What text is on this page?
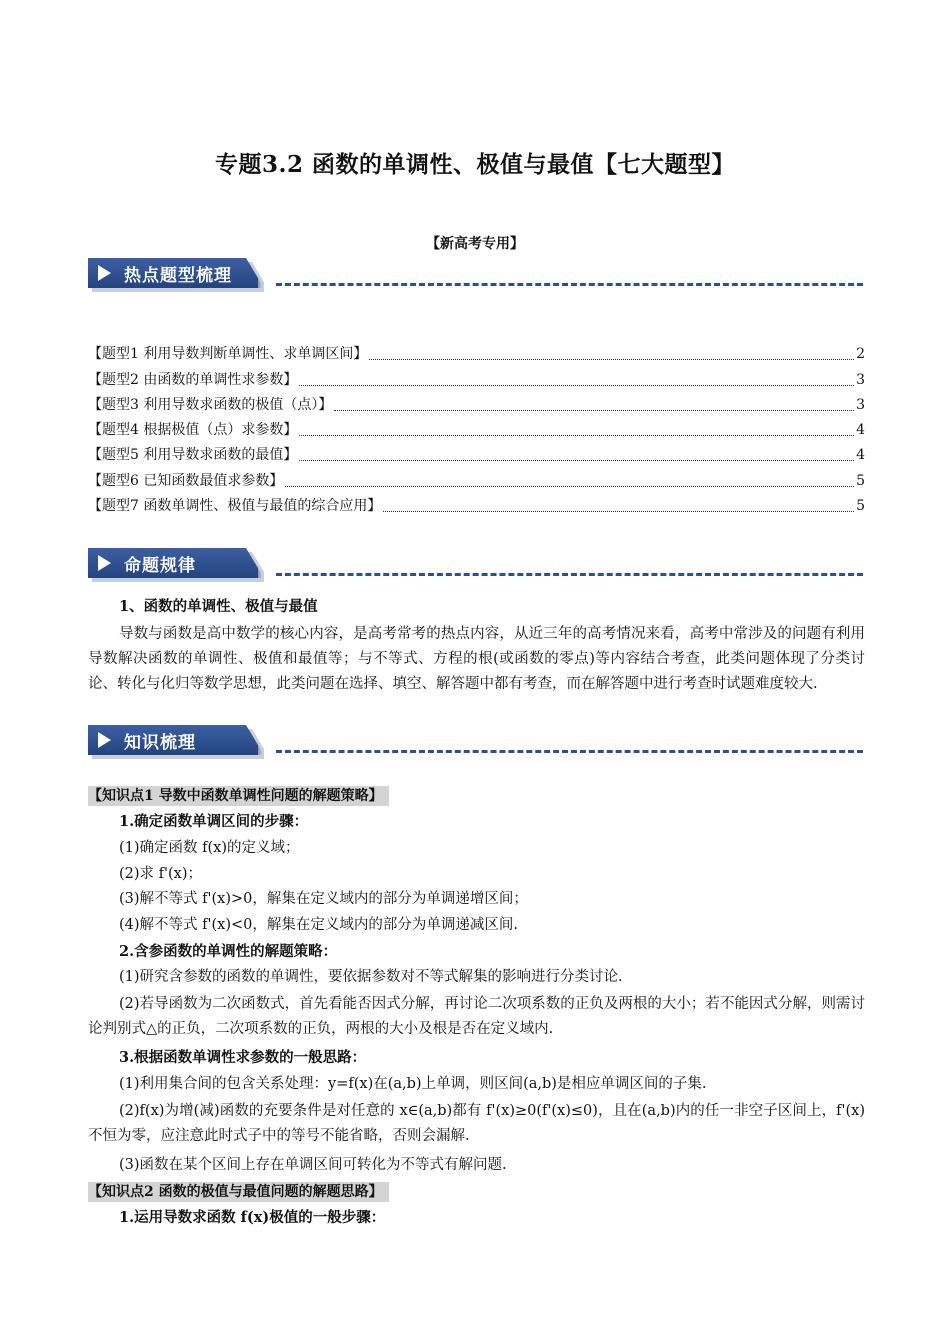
专题3.2 函数的单调性、极值与最值【七大题型】
【新高考专用】
热点题型梳理
【题型1 利用导数判断单调性、求单调区间】	2
【题型2 由函数的单调性求参数】	3
【题型3 利用导数求函数的极值（点）】	3
【题型4 根据极值（点）求参数】	4
【题型5 利用导数求函数的最值】	4
【题型6 已知函数最值求参数】	5
【题型7 函数单调性、极值与最值的综合应用】	5
命题规律
1、函数的单调性、极值与最值
导数与函数是高中数学的核心内容，是高考常考的热点内容，从近三年的高考情况来看，高考中常涉及的问题有利用导数解决函数的单调性、极值和最值等；与不等式、方程的根(或函数的零点)等内容结合考查，此类问题体现了分类讨论、转化与化归等数学思想，此类问题在选择、填空、解答题中都有考查，而在解答题中进行考查时试题难度较大.
知识梳理
【知识点1 导数中函数单调性问题的解题策略】
1.确定函数单调区间的步骤：
(1)确定函数 f(x)的定义域；
(2)求 f'(x)；
(3)解不等式 f'(x)>0，解集在定义域内的部分为单调递增区间；
(4)解不等式 f'(x)<0，解集在定义域内的部分为单调递减区间.
2.含参函数的单调性的解题策略：
(1)研究含参数的函数的单调性，要依据参数对不等式解集的影响进行分类讨论.
(2)若导函数为二次函数式，首先看能否因式分解，再讨论二次项系数的正负及两根的大小；若不能因式分解，则需讨论判别式△的正负，二次项系数的正负，两根的大小及根是否在定义域内.
3.根据函数单调性求参数的一般思路：
(1)利用集合间的包含关系处理：y=f(x)在(a,b)上单调，则区间(a,b)是相应单调区间的子集.
(2)f(x)为增(减)函数的充要条件是对任意的 x∈(a,b)都有 f'(x)≥0(f'(x)≤0)，且在(a,b)内的任一非空子区间上，f'(x)不恒为零，应注意此时式子中的等号不能省略，否则会漏解.
(3)函数在某个区间上存在单调区间可转化为不等式有解问题.
【知识点2 函数的极值与最值问题的解题思路】
1.运用导数求函数 f(x)极值的一般步骤：
